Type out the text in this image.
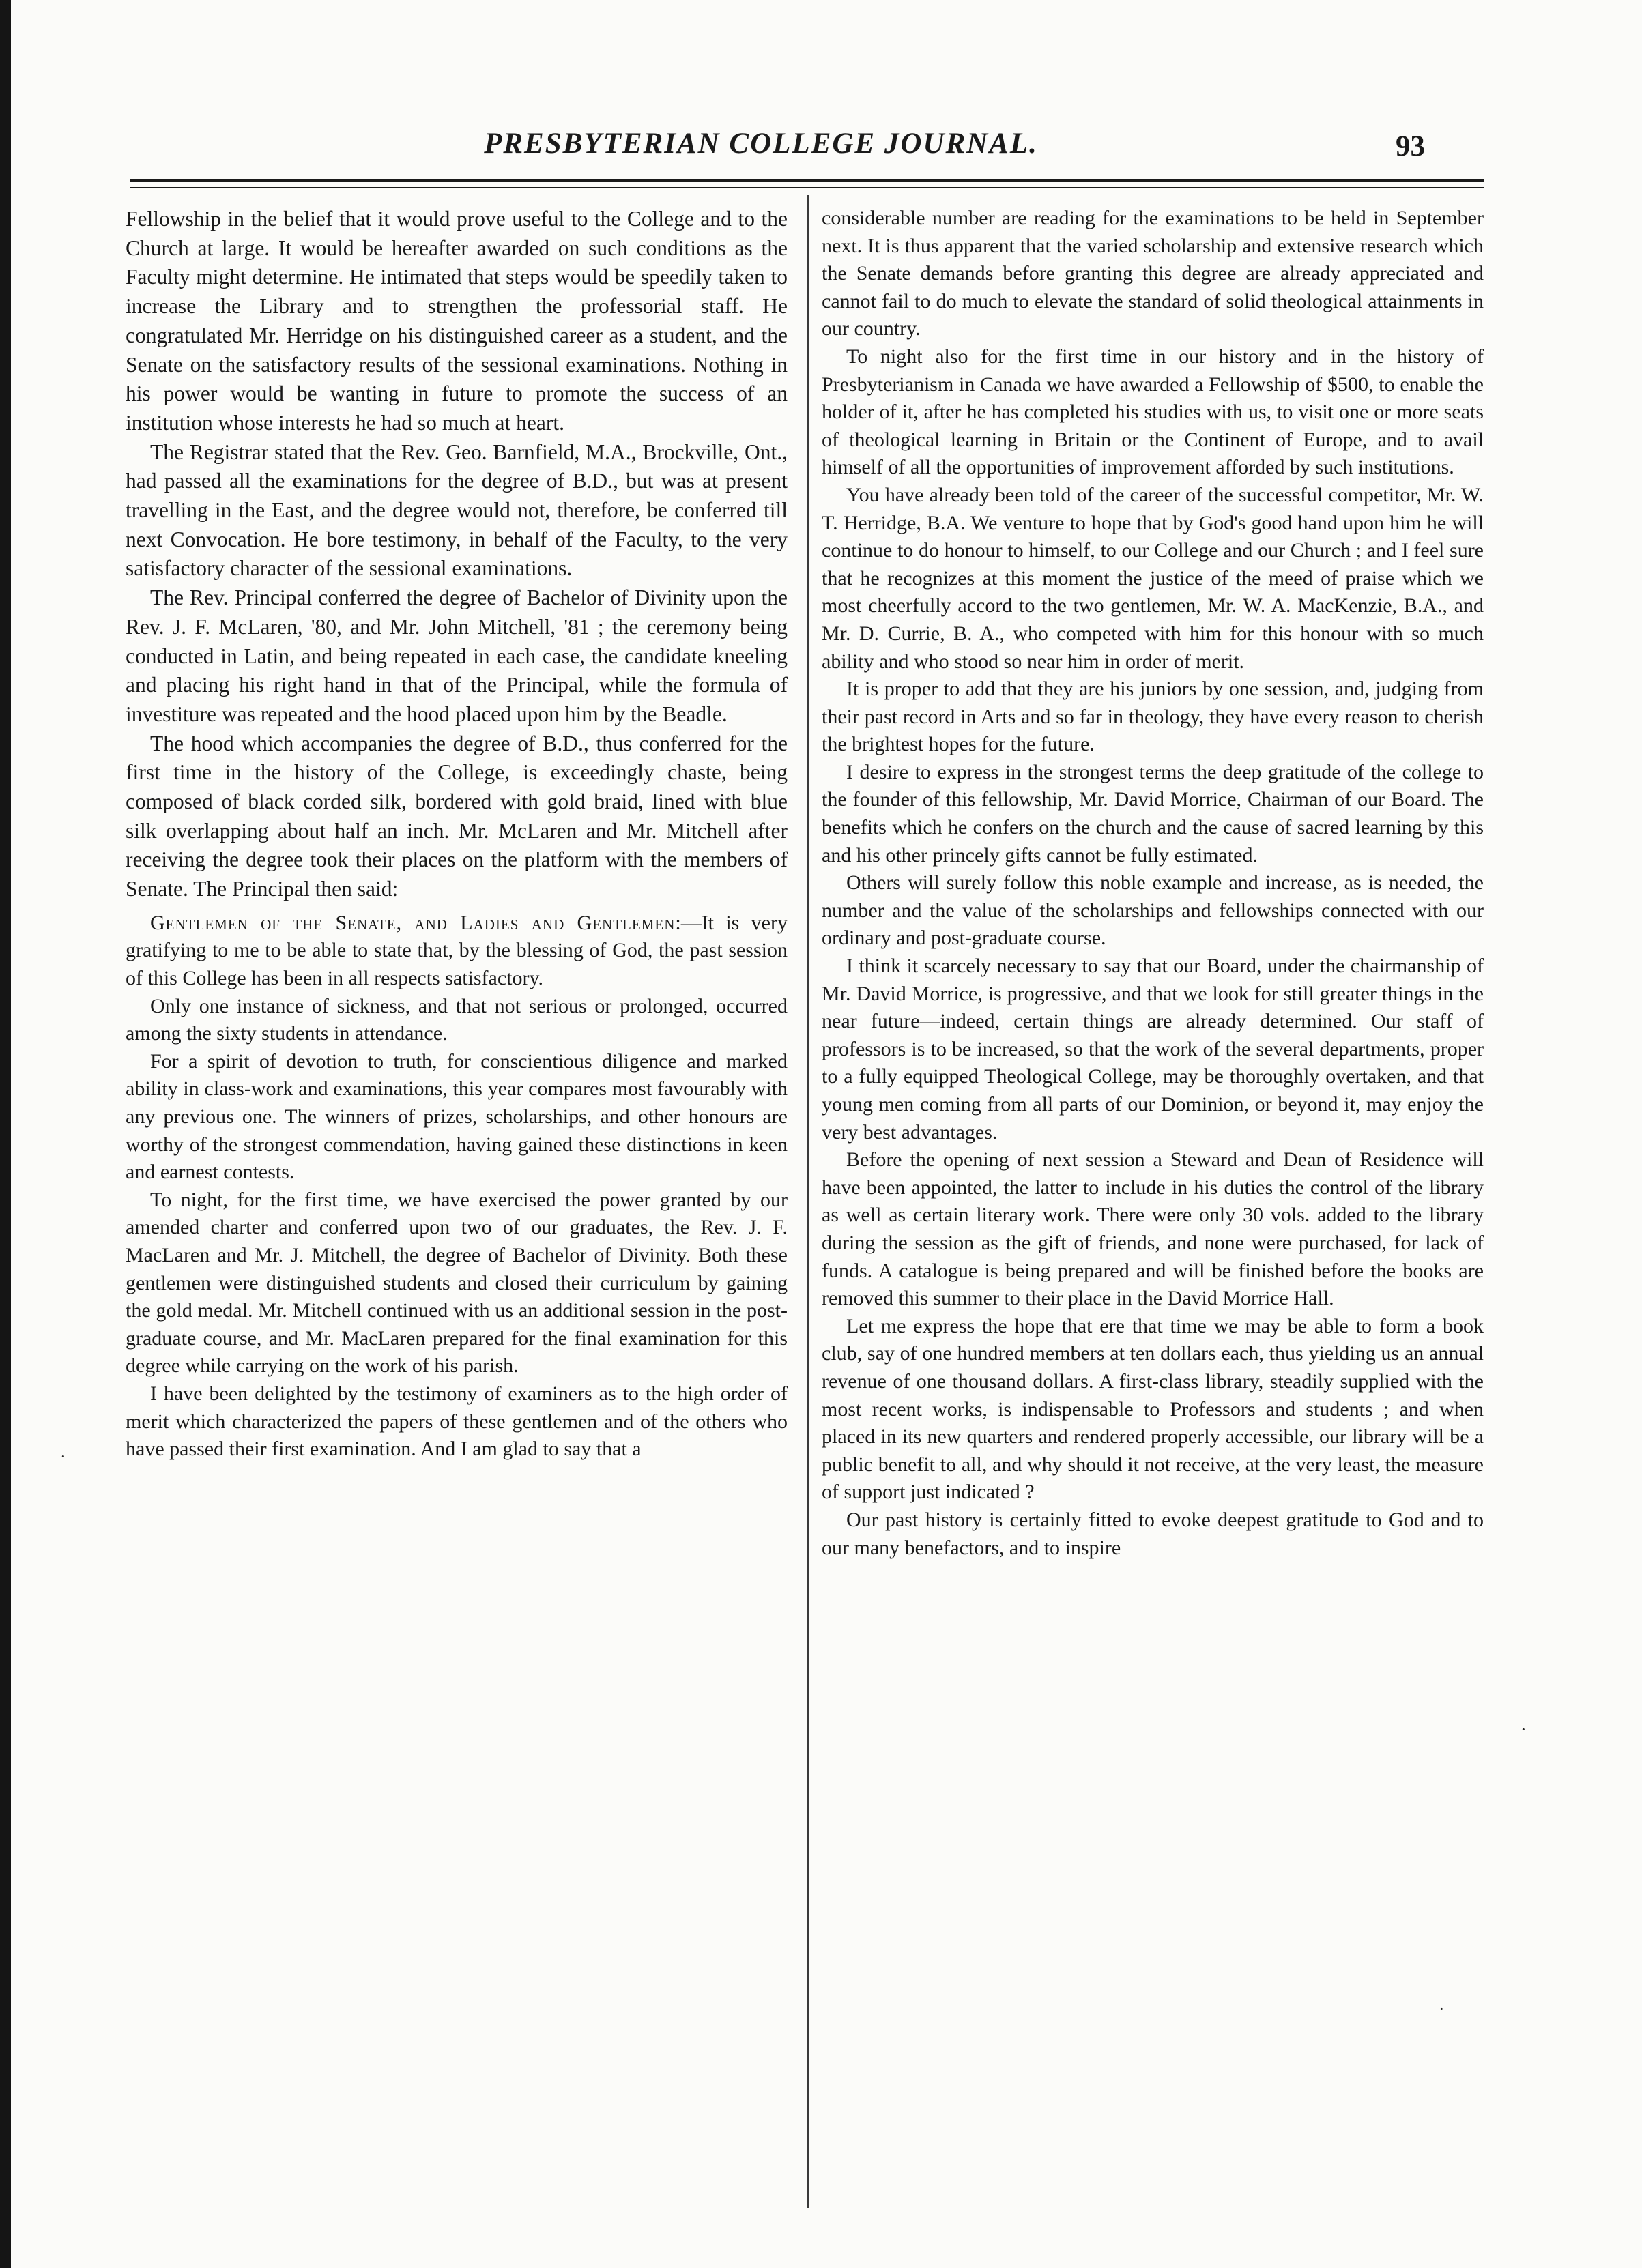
PRESBYTERIAN COLLEGE JOURNAL.	93

Fellowship in the belief that it would prove useful to the College and to the Church at large. It would be hereafter awarded on such conditions as the Faculty might determine. He intimated that steps would be speedily taken to increase the Library and to strengthen the professorial staff. He congratulated Mr. Herridge on his distinguished career as a student, and the Senate on the satisfactory results of the sessional examinations. Nothing in his power would be wanting in future to promote the success of an institution whose interests he had so much at heart.

The Registrar stated that the Rev. Geo. Barnfield, M.A., Brockville, Ont., had passed all the examinations for the degree of B.D., but was at present travelling in the East, and the degree would not, therefore, be conferred till next Convocation. He bore testimony, in behalf of the Faculty, to the very satisfactory character of the sessional examinations.

The Rev. Principal conferred the degree of Bachelor of Divinity upon the Rev. J. F. McLaren, '80, and Mr. John Mitchell, '81 ; the ceremony being conducted in Latin, and being repeated in each case, the candidate kneeling and placing his right hand in that of the Principal, while the formula of investiture was repeated and the hood placed upon him by the Beadle.

The hood which accompanies the degree of B.D., thus conferred for the first time in the history of the College, is exceedingly chaste, being composed of black corded silk, bordered with gold braid, lined with blue silk overlapping about half an inch. Mr. McLaren and Mr. Mitchell after receiving the degree took their places on the platform with the members of Senate. The Principal then said:

Gentlemen of the Senate, and Ladies and Gentlemen:—It is very gratifying to me to be able to state that, by the blessing of God, the past session of this College has been in all respects satisfactory.

Only one instance of sickness, and that not serious or prolonged, occurred among the sixty students in attendance.

For a spirit of devotion to truth, for conscientious diligence and marked ability in class-work and examinations, this year compares most favourably with any previous one. The winners of prizes, scholarships, and other honours are worthy of the strongest commendation, having gained these distinctions in keen and earnest contests.

To night, for the first time, we have exercised the power granted by our amended charter and conferred upon two of our graduates, the Rev. J. F. MacLaren and Mr. J. Mitchell, the degree of Bachelor of Divinity. Both these gentlemen were distinguished students and closed their curriculum by gaining the gold medal. Mr. Mitchell continued with us an additional session in the post-graduate course, and Mr. MacLaren prepared for the final examination for this degree while carrying on the work of his parish.

I have been delighted by the testimony of examiners as to the high order of merit which characterized the papers of these gentlemen and of the others who have passed their first examination. And I am glad to say that a

considerable number are reading for the examinations to be held in September next. It is thus apparent that the varied scholarship and extensive research which the Senate demands before granting this degree are already appreciated and cannot fail to do much to elevate the standard of solid theological attainments in our country.

To night also for the first time in our history and in the history of Presbyterianism in Canada we have awarded a Fellowship of $500, to enable the holder of it, after he has completed his studies with us, to visit one or more seats of theological learning in Britain or the Continent of Europe, and to avail himself of all the opportunities of improvement afforded by such institutions.

You have already been told of the career of the successful competitor, Mr. W. T. Herridge, B.A. We venture to hope that by God's good hand upon him he will continue to do honour to himself, to our College and our Church ; and I feel sure that he recognizes at this moment the justice of the meed of praise which we most cheerfully accord to the two gentlemen, Mr. W. A. MacKenzie, B.A., and Mr. D. Currie, B. A., who competed with him for this honour with so much ability and who stood so near him in order of merit.

It is proper to add that they are his juniors by one session, and, judging from their past record in Arts and so far in theology, they have every reason to cherish the brightest hopes for the future.

I desire to express in the strongest terms the deep gratitude of the college to the founder of this fellowship, Mr. David Morrice, Chairman of our Board. The benefits which he confers on the church and the cause of sacred learning by this and his other princely gifts cannot be fully estimated.

Others will surely follow this noble example and increase, as is needed, the number and the value of the scholarships and fellowships connected with our ordinary and post-graduate course.

I think it scarcely necessary to say that our Board, under the chairmanship of Mr. David Morrice, is progressive, and that we look for still greater things in the near future—indeed, certain things are already determined. Our staff of professors is to be increased, so that the work of the several departments, proper to a fully equipped Theological College, may be thoroughly overtaken, and that young men coming from all parts of our Dominion, or beyond it, may enjoy the very best advantages.

Before the opening of next session a Steward and Dean of Residence will have been appointed, the latter to include in his duties the control of the library as well as certain literary work. There were only 30 vols. added to the library during the session as the gift of friends, and none were purchased, for lack of funds. A catalogue is being prepared and will be finished before the books are removed this summer to their place in the David Morrice Hall.

Let me express the hope that ere that time we may be able to form a book club, say of one hundred members at ten dollars each, thus yielding us an annual revenue of one thousand dollars. A first-class library, steadily supplied with the most recent works, is indispensable to Professors and students ; and when placed in its new quarters and rendered properly accessible, our library will be a public benefit to all, and why should it not receive, at the very least, the measure of support just indicated ?

Our past history is certainly fitted to evoke deepest gratitude to God and to our many benefactors, and to inspire

·
·
·
